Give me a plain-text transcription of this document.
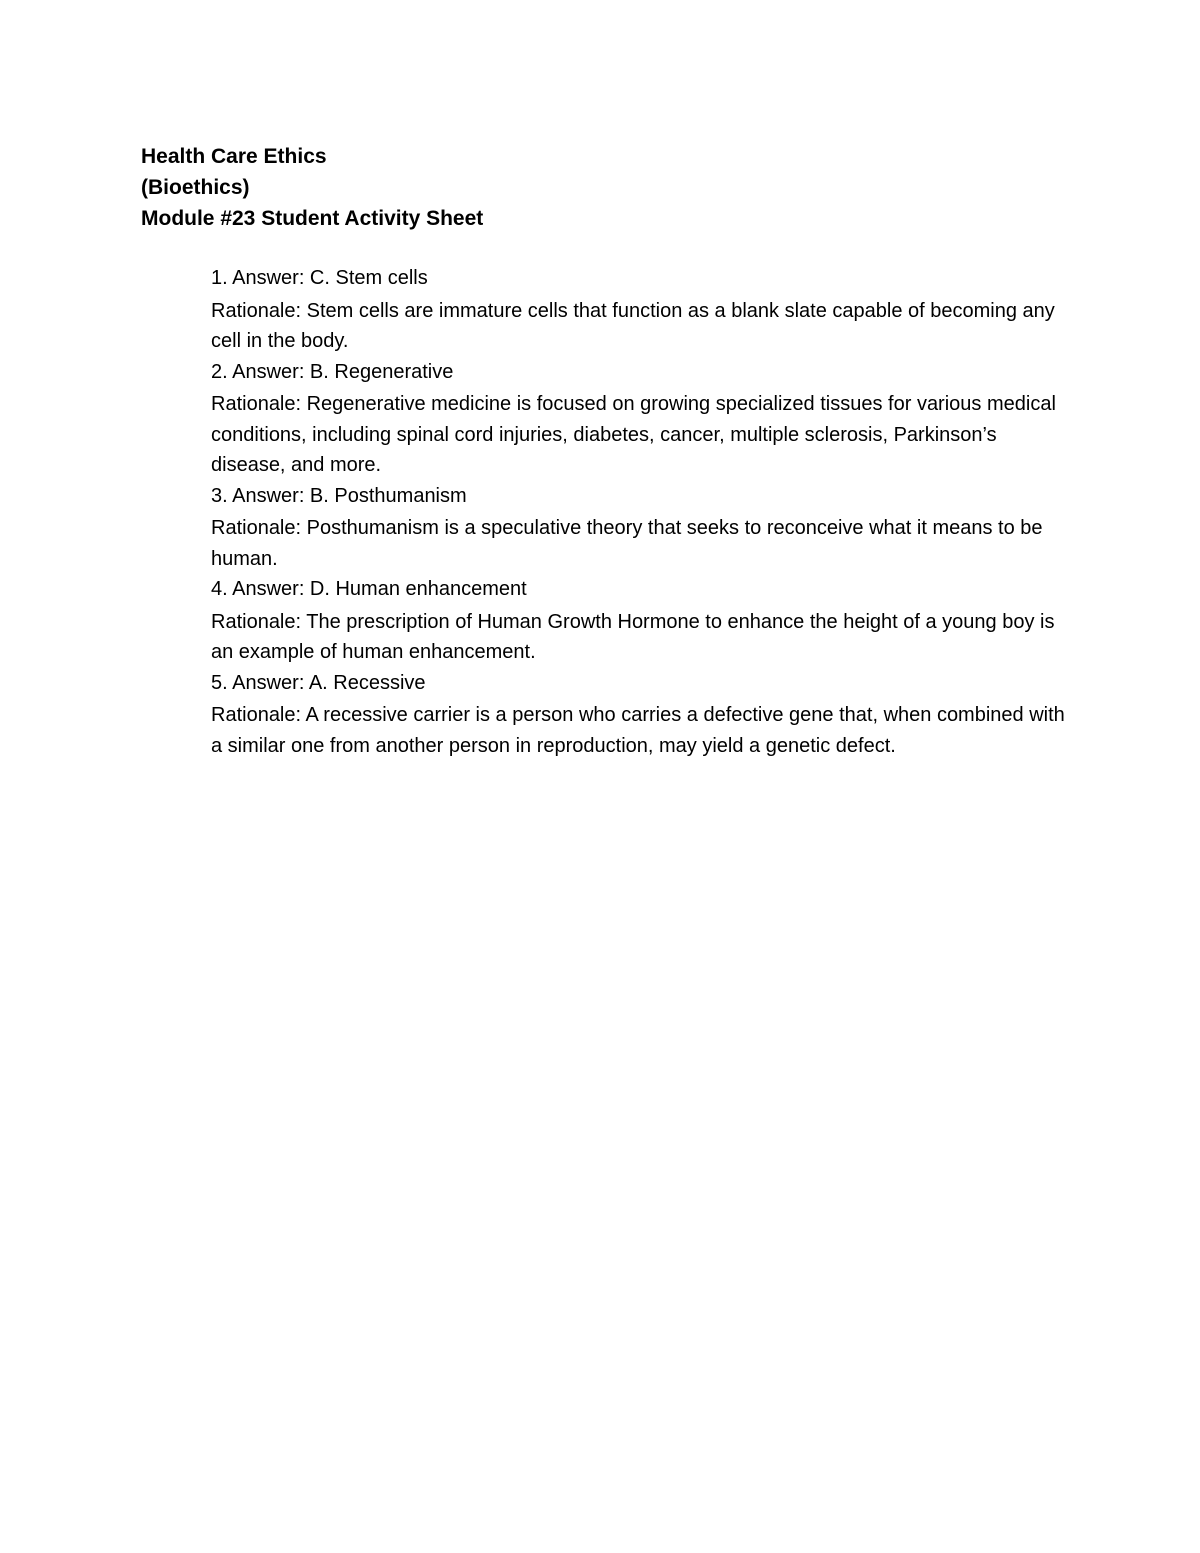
Health Care Ethics
(Bioethics)
Module #23 Student Activity Sheet
1. Answer: C. Stem cells
Rationale: Stem cells are immature cells that function as a blank slate capable of becoming any cell in the body.
2. Answer: B. Regenerative
Rationale: Regenerative medicine is focused on growing specialized tissues for various medical conditions, including spinal cord injuries, diabetes, cancer, multiple sclerosis, Parkinson’s disease, and more.
3. Answer: B. Posthumanism
Rationale: Posthumanism is a speculative theory that seeks to reconceive what it means to be human.
4. Answer: D. Human enhancement
Rationale: The prescription of Human Growth Hormone to enhance the height of a young boy is an example of human enhancement.
5. Answer: A. Recessive
Rationale: A recessive carrier is a person who carries a defective gene that, when combined with a similar one from another person in reproduction, may yield a genetic defect.
